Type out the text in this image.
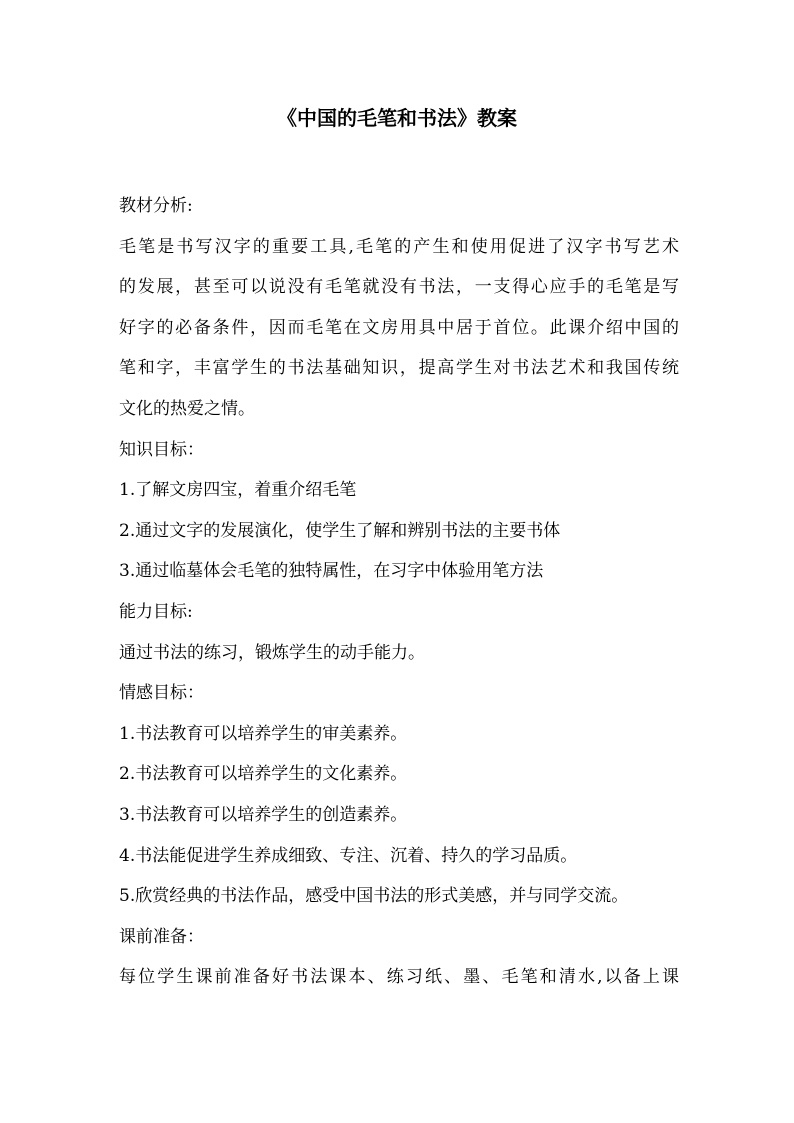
《中国的毛笔和书法》教案
教材分析:
毛笔是书写汉字的重要工具,毛笔的产生和使用促进了汉字书写艺术
的发展，甚至可以说没有毛笔就没有书法，一支得心应手的毛笔是写
好字的必备条件，因而毛笔在文房用具中居于首位。此课介绍中国的
笔和字，丰富学生的书法基础知识，提高学生对书法艺术和我国传统
文化的热爱之情。
知识目标：
1.了解文房四宝，着重介绍毛笔
2.通过文字的发展演化，使学生了解和辨别书法的主要书体
3.通过临墓体会毛笔的独特属性，在习字中体验用笔方法
能力目标:
通过书法的练习，锻炼学生的动手能力。
情感目标：
1.书法教育可以培养学生的审美素养。
2.书法教育可以培养学生的文化素养。
3.书法教育可以培养学生的创造素养。
4.书法能促进学生养成细致、专注、沉着、持久的学习品质。
5.欣赏经典的书法作品，感受中国书法的形式美感，并与同学交流。
课前准备：
每位学生课前准备好书法课本、练习纸、墨、毛笔和清水,以备上课
